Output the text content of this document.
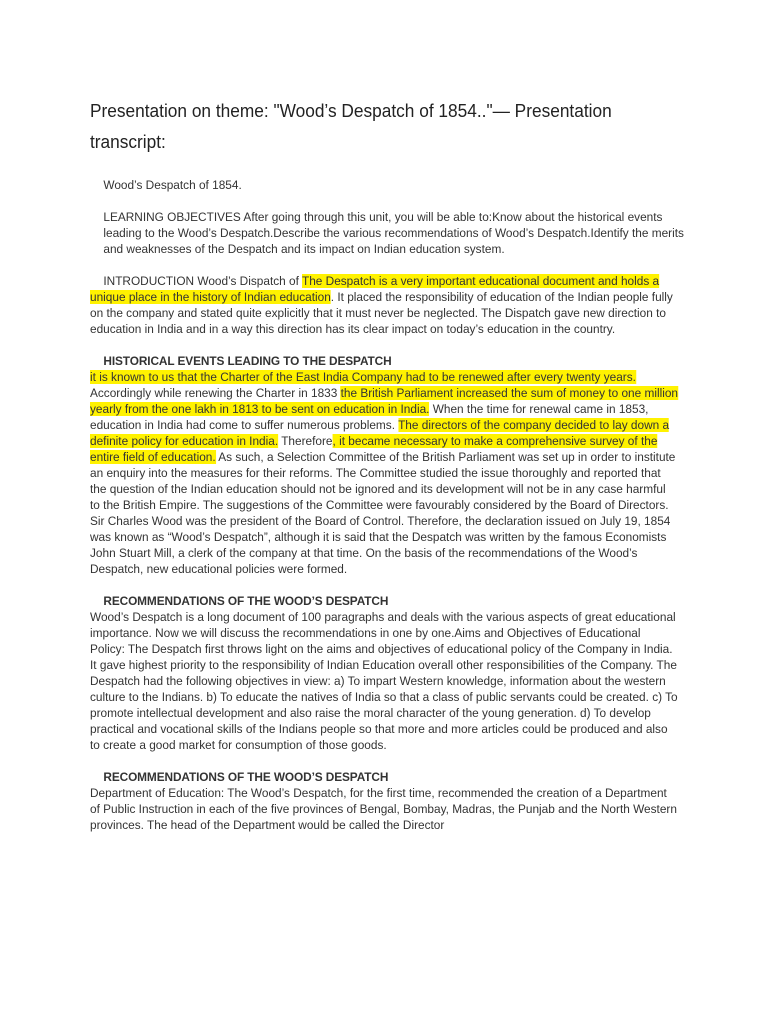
Presentation on theme: "Wood’s Despatch of 1854.."— Presentation transcript:

Wood’s Despatch of 1854.

LEARNING OBJECTIVES After going through this unit, you will be able to:Know about the historical events leading to the Wood’s Despatch.Describe the various recommendations of Wood’s Despatch.Identify the merits and weaknesses of the Despatch and its impact on Indian education system.

INTRODUCTION Wood’s Dispatch of The Despatch is a very important educational document and holds a unique place in the history of Indian education. It placed the responsibility of education of the Indian people fully on the company and stated quite explicitly that it must never be neglected. The Dispatch gave new direction to education in India and in a way this direction has its clear impact on today’s education in the country.

HISTORICAL EVENTS LEADING TO THE DESPATCH
it is known to us that the Charter of the East India Company had to be renewed after every twenty years. Accordingly while renewing the Charter in 1833 the British Parliament increased the sum of money to one million yearly from the one lakh in 1813 to be sent on education in India. When the time for renewal came in 1853, education in India had come to suffer numerous problems. The directors of the company decided to lay down a definite policy for education in India. Therefore, it became necessary to make a comprehensive survey of the entire field of education. As such, a Selection Committee of the British Parliament was set up in order to institute an enquiry into the measures for their reforms. The Committee studied the issue thoroughly and reported that the question of the Indian education should not be ignored and its development will not be in any case harmful to the British Empire. The suggestions of the Committee were favourably considered by the Board of Directors. Sir Charles Wood was the president of the Board of Control. Therefore, the declaration issued on July 19, 1854 was known as “Wood’s Despatch”, although it is said that the Despatch was written by the famous Economists John Stuart Mill, a clerk of the company at that time. On the basis of the recommendations of the Wood’s Despatch, new educational policies were formed.

RECOMMENDATIONS OF THE WOOD’S DESPATCH
Wood’s Despatch is a long document of 100 paragraphs and deals with the various aspects of great educational importance. Now we will discuss the recommendations in one by one.Aims and Objectives of Educational Policy: The Despatch first throws light on the aims and objectives of educational policy of the Company in India. It gave highest priority to the responsibility of Indian Education overall other responsibilities of the Company. The Despatch had the following objectives in view: a) To impart Western knowledge, information about the western culture to the Indians. b) To educate the natives of India so that a class of public servants could be created. c) To promote intellectual development and also raise the moral character of the young generation. d) To develop practical and vocational skills of the Indians people so that more and more articles could be produced and also to create a good market for consumption of those goods.

RECOMMENDATIONS OF THE WOOD’S DESPATCH
Department of Education: The Wood’s Despatch, for the first time, recommended the creation of a Department of Public Instruction in each of the five provinces of Bengal, Bombay, Madras, the Punjab and the North Western provinces. The head of the Department would be called the Director
